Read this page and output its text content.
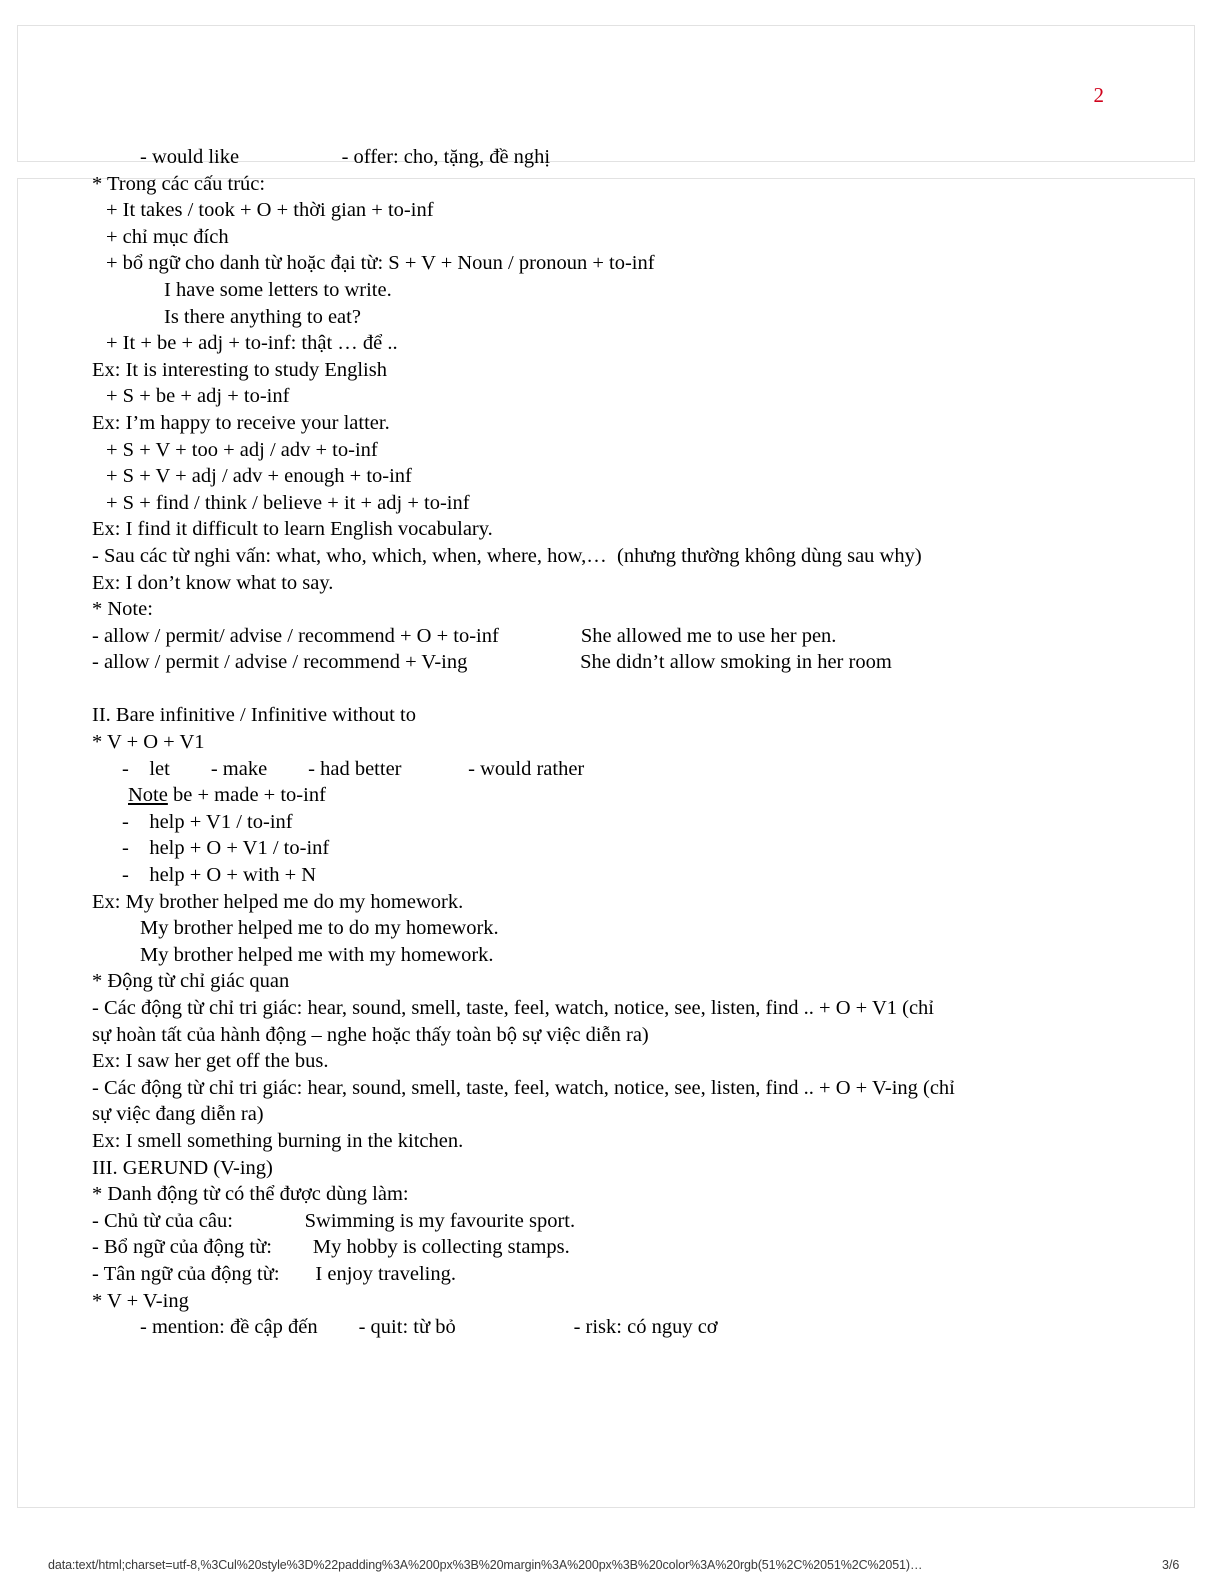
2
- would like                    - offer: cho, tặng, đề nghị
* Trong các cấu trúc:
+ It takes / took + O + thời gian + to-inf
+ chỉ mục đích
+ bổ ngữ cho danh từ hoặc đại từ: S + V + Noun / pronoun + to-inf
I have some letters to write.
Is there anything to eat?
+ It + be + adj + to-inf: thật … để ..
Ex: It is interesting to study English
+ S + be + adj + to-inf
Ex: I’m happy to receive your latter.
+ S + V + too + adj / adv + to-inf
+ S + V + adj / adv + enough + to-inf
+ S + find / think / believe + it + adj + to-inf
Ex: I find it difficult to learn English vocabulary.
- Sau các từ nghi vấn: what, who, which, when, where, how,…  (nhưng thường không dùng sau why)
Ex: I don’t know what to say.
* Note:
- allow / permit/ advise / recommend + O + to-inf                She allowed me to use her pen.
- allow / permit / advise / recommend + V-ing                      She didn’t allow smoking in her room
II. Bare infinitive / Infinitive without to
* V + O + V1
-    let        - make        - had better             - would rather
Note be + made + to-inf
-    help + V1 / to-inf
-    help + O + V1 / to-inf
-    help + O + with + N
Ex: My brother helped me do my homework.
My brother helped me to do my homework.
My brother helped me with my homework.
* Động từ chỉ giác quan
- Các động từ chỉ tri giác: hear, sound, smell, taste, feel, watch, notice, see, listen, find .. + O + V1 (chỉ
sự hoàn tất của hành động – nghe hoặc thấy toàn bộ sự việc diễn ra)
Ex: I saw her get off the bus.
- Các động từ chỉ tri giác: hear, sound, smell, taste, feel, watch, notice, see, listen, find .. + O + V-ing (chỉ
sự việc đang diễn ra)
Ex: I smell something burning in the kitchen.
III. GERUND (V-ing)
* Danh động từ có thể được dùng làm:
- Chủ từ của câu:              Swimming is my favourite sport.
- Bổ ngữ của động từ:        My hobby is collecting stamps.
- Tân ngữ của động từ:       I enjoy traveling.
* V + V-ing
- mention: đề cập đến        - quit: từ bỏ                       - risk: có nguy cơ
data:text/html;charset=utf-8,%3Cul%20style%3D%22padding%3A%200px%3B%20margin%3A%200px%3B%20color%3A%20rgb(51%2C%2051%2C%2051)…	3/6
